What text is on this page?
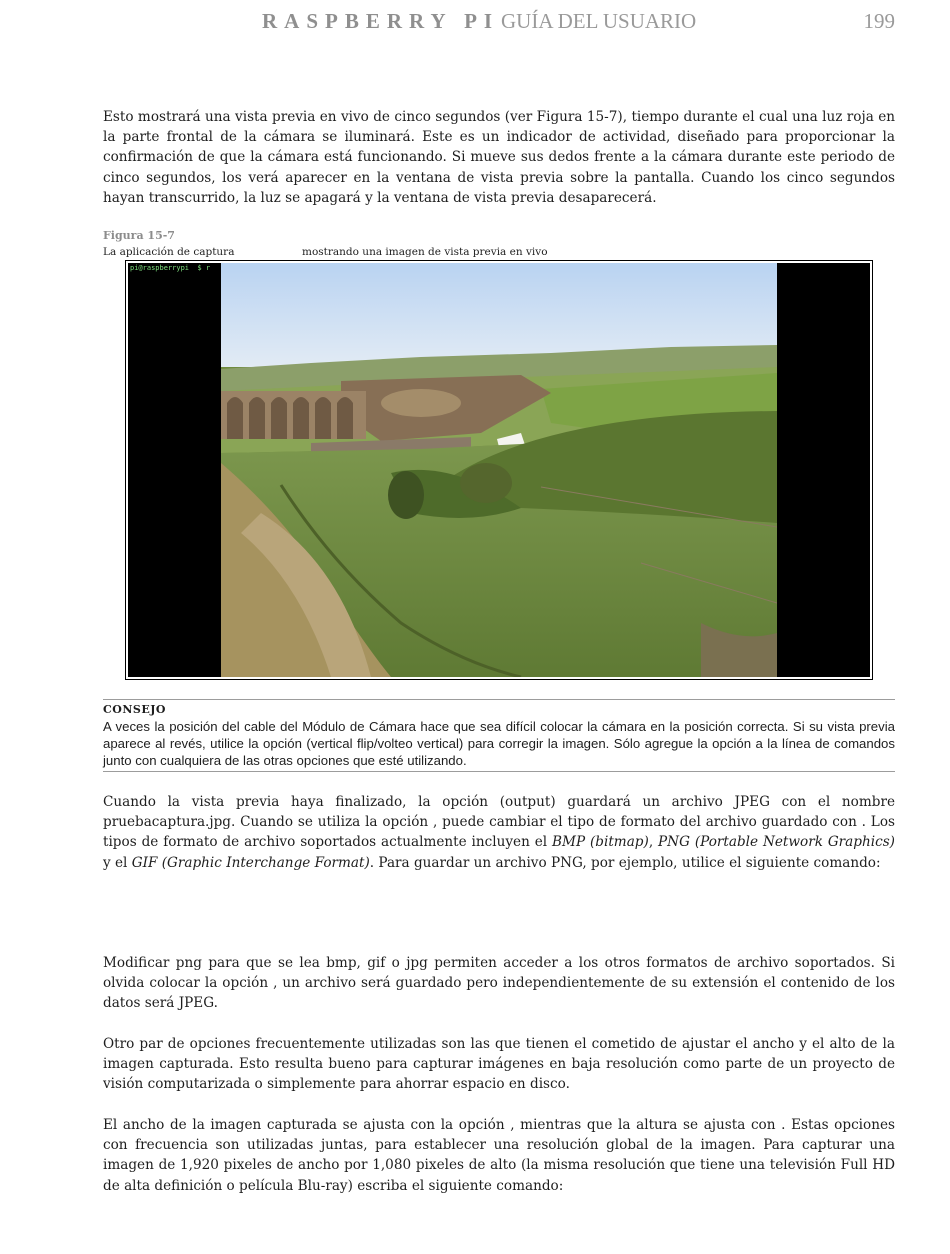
RASPBERRY PI GUÍA DEL USUARIO	199

Esto mostrará una vista previa en vivo de cinco segundos (ver Figura 15-7), tiempo durante el cual una luz roja en la parte frontal de la cámara se iluminará. Este es un indicador de actividad, diseñado para proporcionar la confirmación de que la cámara está funcionando. Si mueve sus dedos frente a la cámara durante este periodo de cinco segundos, los verá aparecer en la ventana de vista previa sobre la pantalla. Cuando los cinco segundos hayan transcurrido, la luz se apagará y la ventana de vista previa desaparecerá.

Figura 15-7
La aplicación de captura	mostrando una imagen de vista previa en vivo
pi@raspberrypi  $ r
CONSEJO

A veces la posición del cable del Módulo de Cámara hace que sea difícil colocar la cámara en la posición correcta. Si su vista previa aparece al revés, utilice la opción (vertical flip/volteo vertical) para corregir la imagen. Sólo agregue la opción a la línea de comandos junto con cualquiera de las otras opciones que esté utilizando.

Cuando la vista previa haya finalizado, la opción (output) guardará un archivo JPEG con el nombre pruebacaptura.jpg. Cuando se utiliza la opción , puede cambiar el tipo de formato del archivo guardado con . Los tipos de formato de archivo soportados actualmente incluyen el BMP (bitmap), PNG (Portable Network Graphics) y el GIF (Graphic Interchange Format). Para guardar un archivo PNG, por ejemplo, utilice el siguiente comando:

Modificar png para que se lea bmp, gif o jpg permiten acceder a los otros formatos de archivo soportados. Si olvida colocar la opción , un archivo será guardado pero independientemente de su extensión el contenido de los datos será JPEG.

Otro par de opciones frecuentemente utilizadas son las que tienen el cometido de ajustar el ancho y el alto de la imagen capturada. Esto resulta bueno para capturar imágenes en baja resolución como parte de un proyecto de visión computarizada o simplemente para ahorrar espacio en disco.

El ancho de la imagen capturada se ajusta con la opción , mientras que la altura se ajusta con . Estas opciones con frecuencia son utilizadas juntas, para establecer una resolución global de la imagen. Para capturar una imagen de 1,920 pixeles de ancho por 1,080 pixeles de alto (la misma resolución que tiene una televisión Full HD de alta definición o película Blu-ray) escriba el siguiente comando:
